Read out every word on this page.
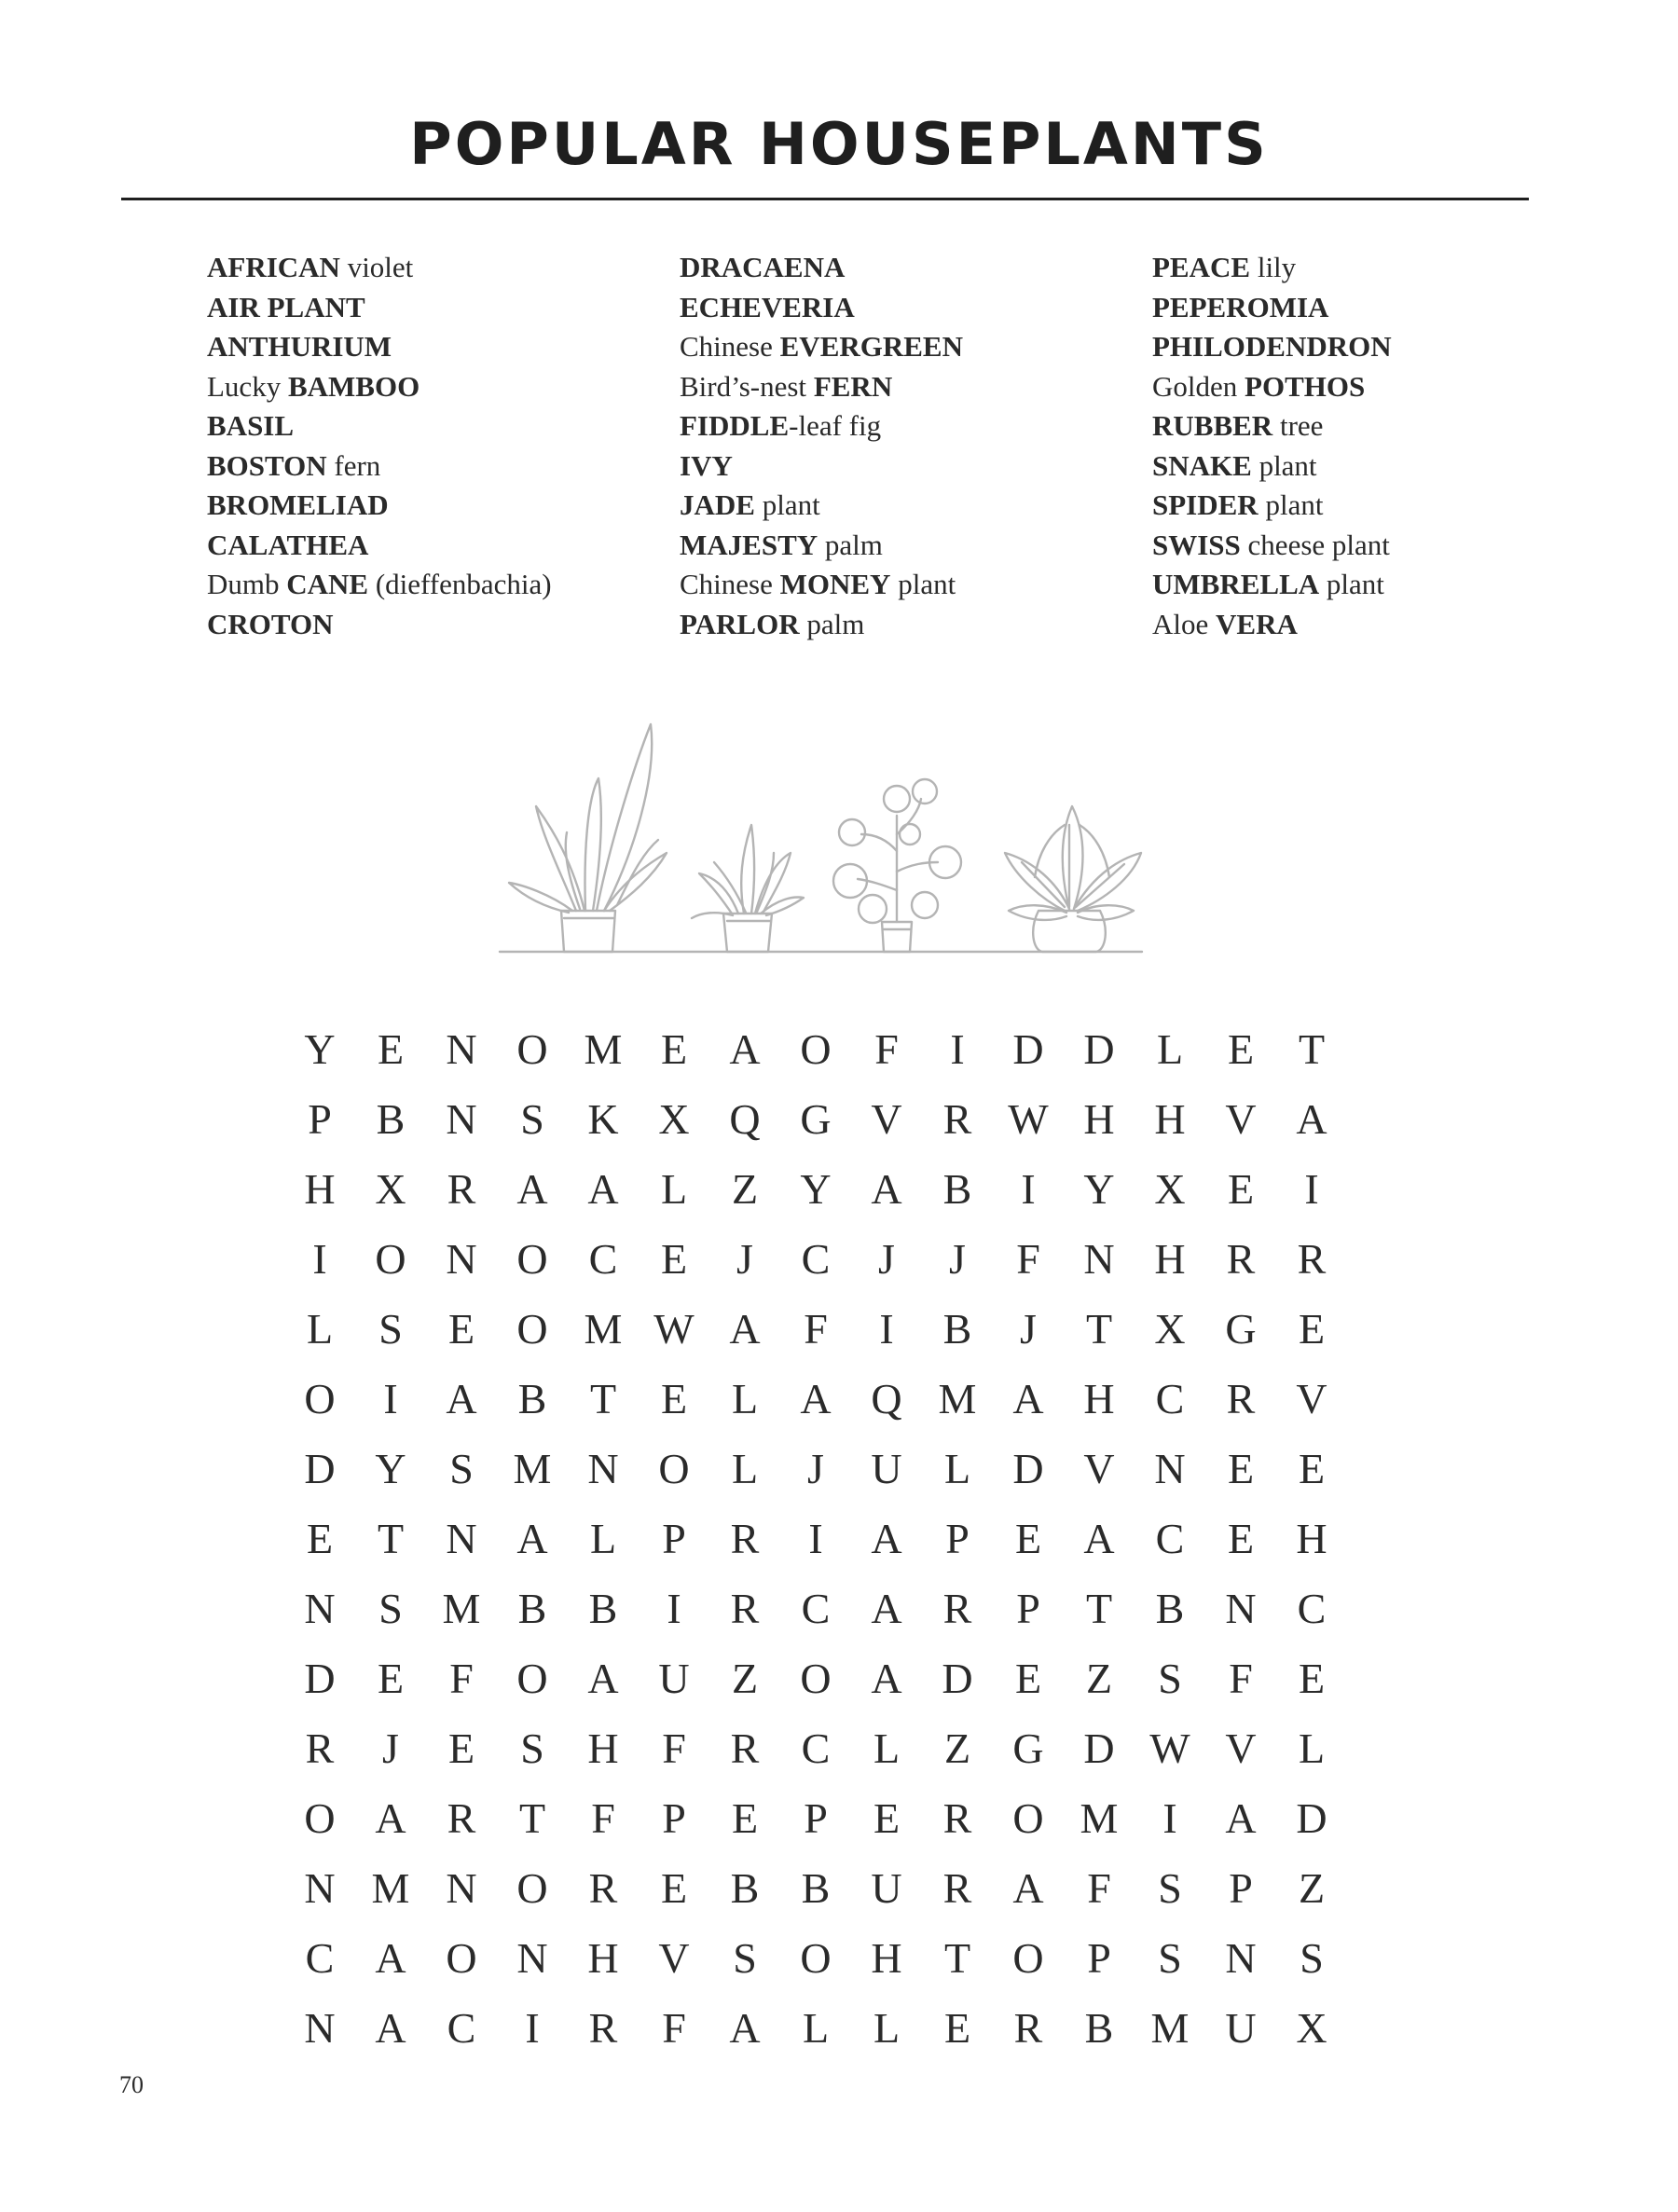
POPULAR HOUSEPLANTS
AFRICAN violet
AIR PLANT
ANTHURIUM
Lucky BAMBOO
BASIL
BOSTON fern
BROMELIAD
CALATHEA
Dumb CANE (dieffenbachia)
CROTON
DRACAENA
ECHEVERIA
Chinese EVERGREEN
Bird’s-nest FERN
FIDDLE-leaf fig
IVY
JADE plant
MAJESTY palm
Chinese MONEY plant
PARLOR palm
PEACE lily
PEPEROMIA
PHILODENDRON
Golden POTHOS
RUBBER tree
SNAKE plant
SPIDER plant
SWISS cheese plant
UMBRELLA plant
Aloe VERA
Y E N O M E A O	F	I	D D L	E	T
P	B N	S	K X Q G V R W H H V A
H X R A A L	Z Y A B	I	Y X E	I
I	O N O C	E	J	C	J	J	F	N H R R
L	S	E O M W A	F	I	B	J	T X G E
O	I	A B	T	E	L A Q M A H C R V
D Y	S M N O L	J	U L D V N E	E
E	T N A L	P	R	I	A	P	E A C	E H
N	S M B B	I	R C A R	P	T	B N C
D E	F	O A U Z O A D E	Z	S	F	E
R	J	E	S	H	F	R C	L	Z G D W V L
O A R	T	F	P	E	P	E	R O M	I	A D
N M N O R	E	B B U R A	F	S	P	Z
C A O N H V	S	O H T O	P	S	N	S
N A C	I	R	F	A L	L	E	R B M U X
70
